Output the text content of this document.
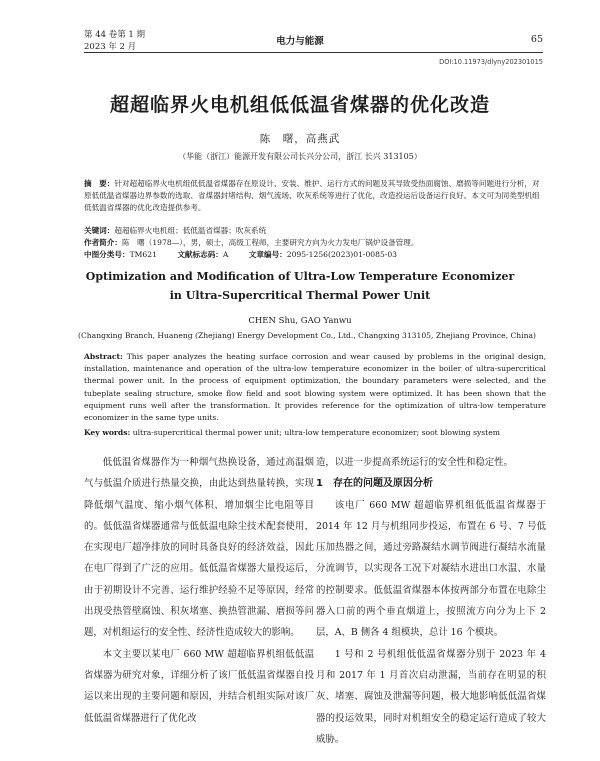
第 44 卷第 1 期
2023 年 2 月	电力与能源	65
DOI:10.11973/dlyny202301015
超超临界火电机组低低温省煤器的优化改造
陈　曙，高燕武
（华能（浙江）能源开发有限公司长兴分公司，浙江 长兴 313105）
摘　要：针对超超临界火电机组低低温省煤器存在原设计、安装、维护、运行方式的问题及其导致受热面腐蚀、磨损等问题进行分析，对原低低温省煤器边界参数的选取、省煤器封堵结构、烟气流场、吹灰系统等进行了优化，改造投运后设备运行良好。本文可为同类型机组低低温省煤器的优化改造提供参考。
关键词：超超临界火电机组；低低温省煤器；吹灰系统
作者简介：陈　曙（1978—），男，硕士，高级工程师，主要研究方向为火力发电厂锅炉设备管理。
中图分类号：TM621	文献标志码：A	文章编号：2095-1256(2023)01-0085-03
Optimization and Modification of Ultra-Low Temperature Economizer
in Ultra-Supercritical Thermal Power Unit
CHEN Shu, GAO Yanwu
(Changxing Branch, Huaneng (Zhejiang) Energy Development Co., Ltd., Changxing 313105, Zhejiang Province, China)
Abstract: This paper analyzes the heating surface corrosion and wear caused by problems in the original design, installation, maintenance and operation of the ultra-low temperature economizer in the boiler of ultra-supercritical thermal power unit. In the process of equipment optimization, the boundary parameters were selected, and the tubeplate sealing structure, smoke flow field and soot blowing system were optimized. It has been shown that the equipment runs well after the transformation. It provides reference for the optimization of ultra-low temperature economizer in the same type units.
Key words: ultra-supercritical thermal power unit; ultra-low temperature economizer; soot blowing system

低低温省煤器作为一种烟气热换设备，通过高温烟气与低温介质进行热量交换，由此达到热量转换，实现降低烟气温度、缩小烟气体积、增加烟尘比电阻等目的。低低温省煤器通常与低低温电除尘技术配套使用，在实现电厂超净排放的同时具备良好的经济效益，因此在电厂得到了广泛的应用。低低温省煤器大量投运后，由于初期设计不完善、运行维护经验不足等原因，经常出现受热管壁腐蚀、积灰堵塞、换热管泄漏、磨损等问题，对机组运行的安全性、经济性造成较大的影响。

本文主要以某电厂 660 MW 超超临界机组低低温省煤器为研究对象，详细分析了该厂低低温省煤器自投运以来出现的主要问题和原因，并结合机组实际对该厂低低温省煤器进行了优化改

造，以进一步提高系统运行的安全性和稳定性。

1　存在的问题及原因分析

该电厂 660 MW 超超临界机组低低温省煤器于 2014 年 12 月与机组同步投运，布置在 6 号、7 号低压加热器之间，通过旁路凝结水调节阀进行凝结水流量分流调节，以实现各工况下对凝结水进出口水温、水量的控制要求。低低温省煤器本体按两部分布置在电除尘器入口前的两个垂直烟道上，按照流方向分为上下 2 层，A、B 侧各 4 组模块，总计 16 个模块。

1 号和 2 号机组低低温省煤器分别于 2023 年 4 月和 2017 年 1 月首次启动泄漏，当前存在明显的积灰、堵塞、腐蚀及泄漏等问题，极大地影响低低温省煤器的投运效果，同时对机组安全的稳定运行造成了较大威胁。
